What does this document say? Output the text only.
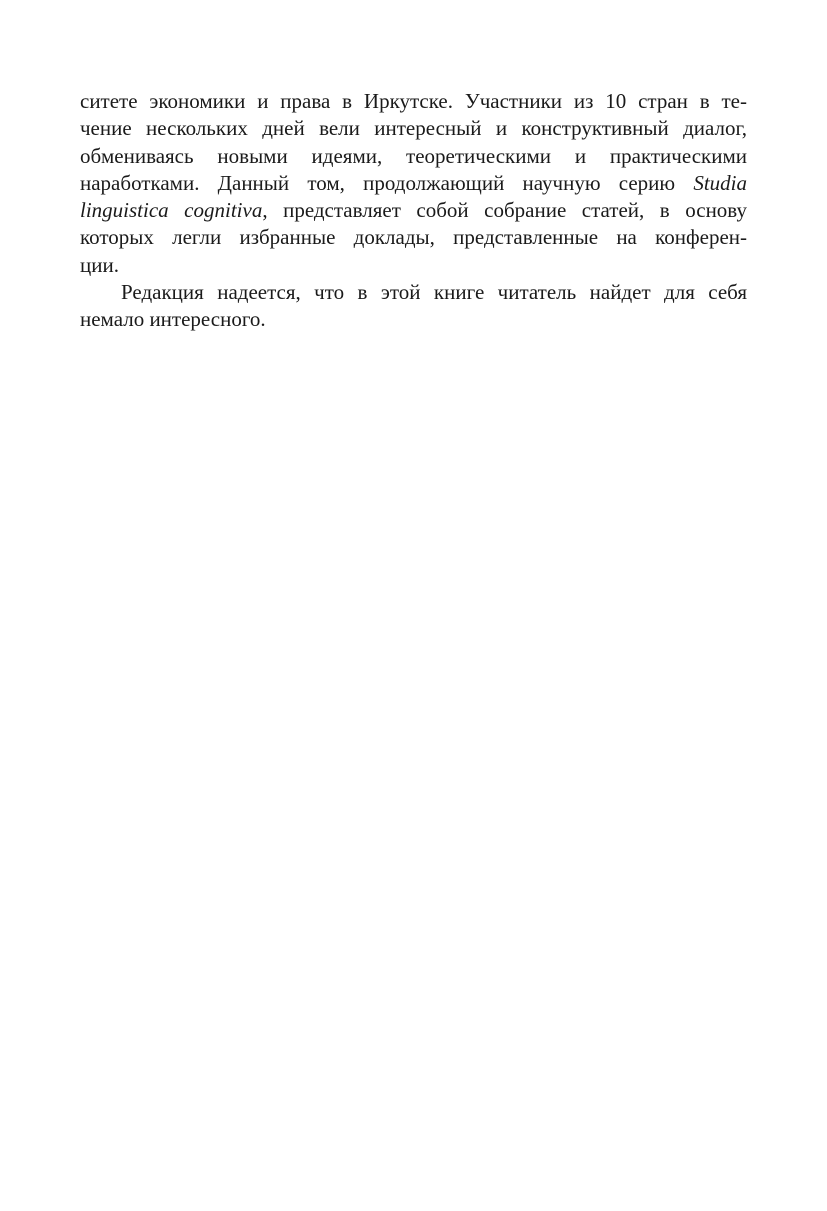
ситете экономики и права в Иркутске. Участники из 10 стран в те-
чение нескольких дней вели интересный и конструктивный диалог,
обмениваясь новыми идеями, теоретическими и практическими
наработками. Данный том, продолжающий научную серию Studia
linguistica cognitiva, представляет собой собрание статей, в основу
которых легли избранные доклады, представленные на конферен-
ции.
Редакция надеется, что в этой книге читатель найдет для себя
немало интересного.
